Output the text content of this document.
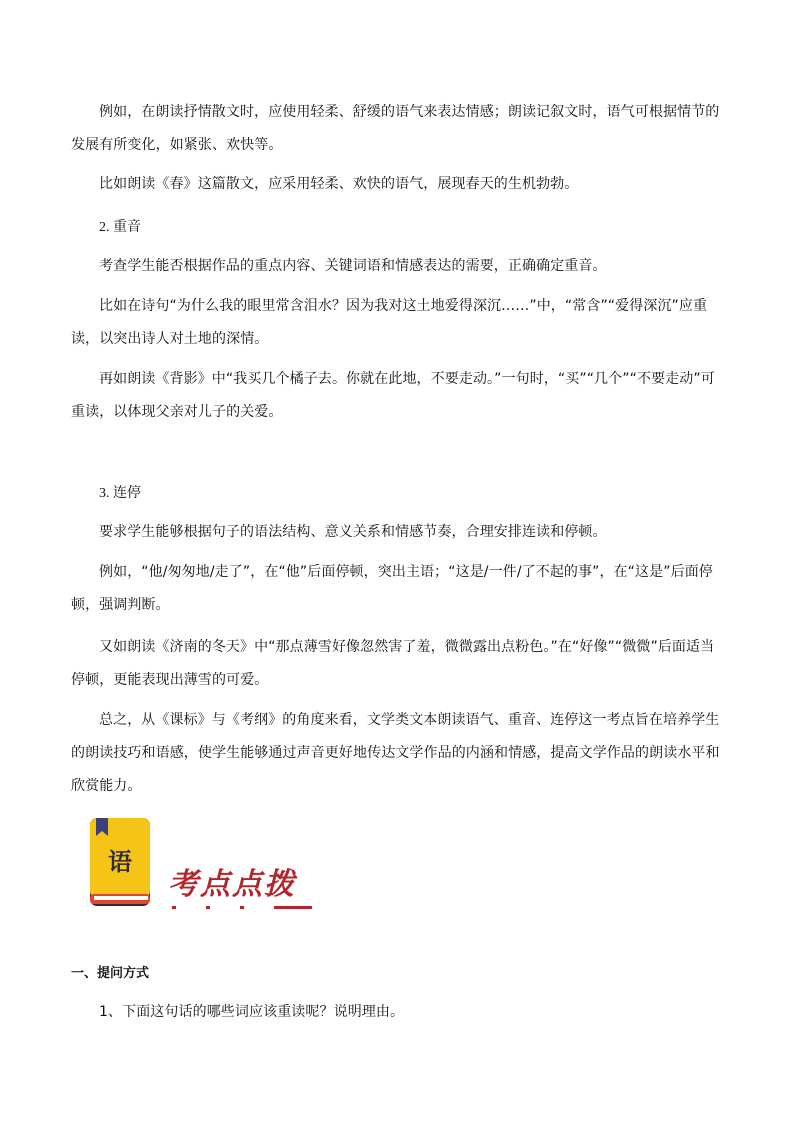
例如，在朗读抒情散文时，应使用轻柔、舒缓的语气来表达情感；朗读记叙文时，语气可根据情节的发展有所变化，如紧张、欢快等。

比如朗读《春》这篇散文，应采用轻柔、欢快的语气，展现春天的生机勃勃。

2. 重音

考查学生能否根据作品的重点内容、关键词语和情感表达的需要，正确确定重音。

比如在诗句“为什么我的眼里常含泪水？因为我对这土地爱得深沉……”中，“常含”“爱得深沉”应重读，以突出诗人对土地的深情。

再如朗读《背影》中“我买几个橘子去。你就在此地，不要走动。”一句时，“买”“几个”“不要走动”可重读，以体现父亲对儿子的关爱。

3. 连停

要求学生能够根据句子的语法结构、意义关系和情感节奏，合理安排连读和停顿。

例如，“他/匆匆地/走了”，在“他”后面停顿，突出主语；“这是/一件/了不起的事”，在“这是”后面停顿，强调判断。

又如朗读《济南的冬天》中“那点薄雪好像忽然害了羞，微微露出点粉色。”在“好像”“微微”后面适当停顿，更能表现出薄雪的可爱。

总之，从《课标》与《考纲》的角度来看，文学类文本朗读语气、重音、连停这一考点旨在培养学生的朗读技巧和语感，使学生能够通过声音更好地传达文学作品的内涵和情感，提高文学作品的朗读水平和欣赏能力。

语
考点点拨
一、提问方式

1、下面这句话的哪些词应该重读呢？说明理由。
